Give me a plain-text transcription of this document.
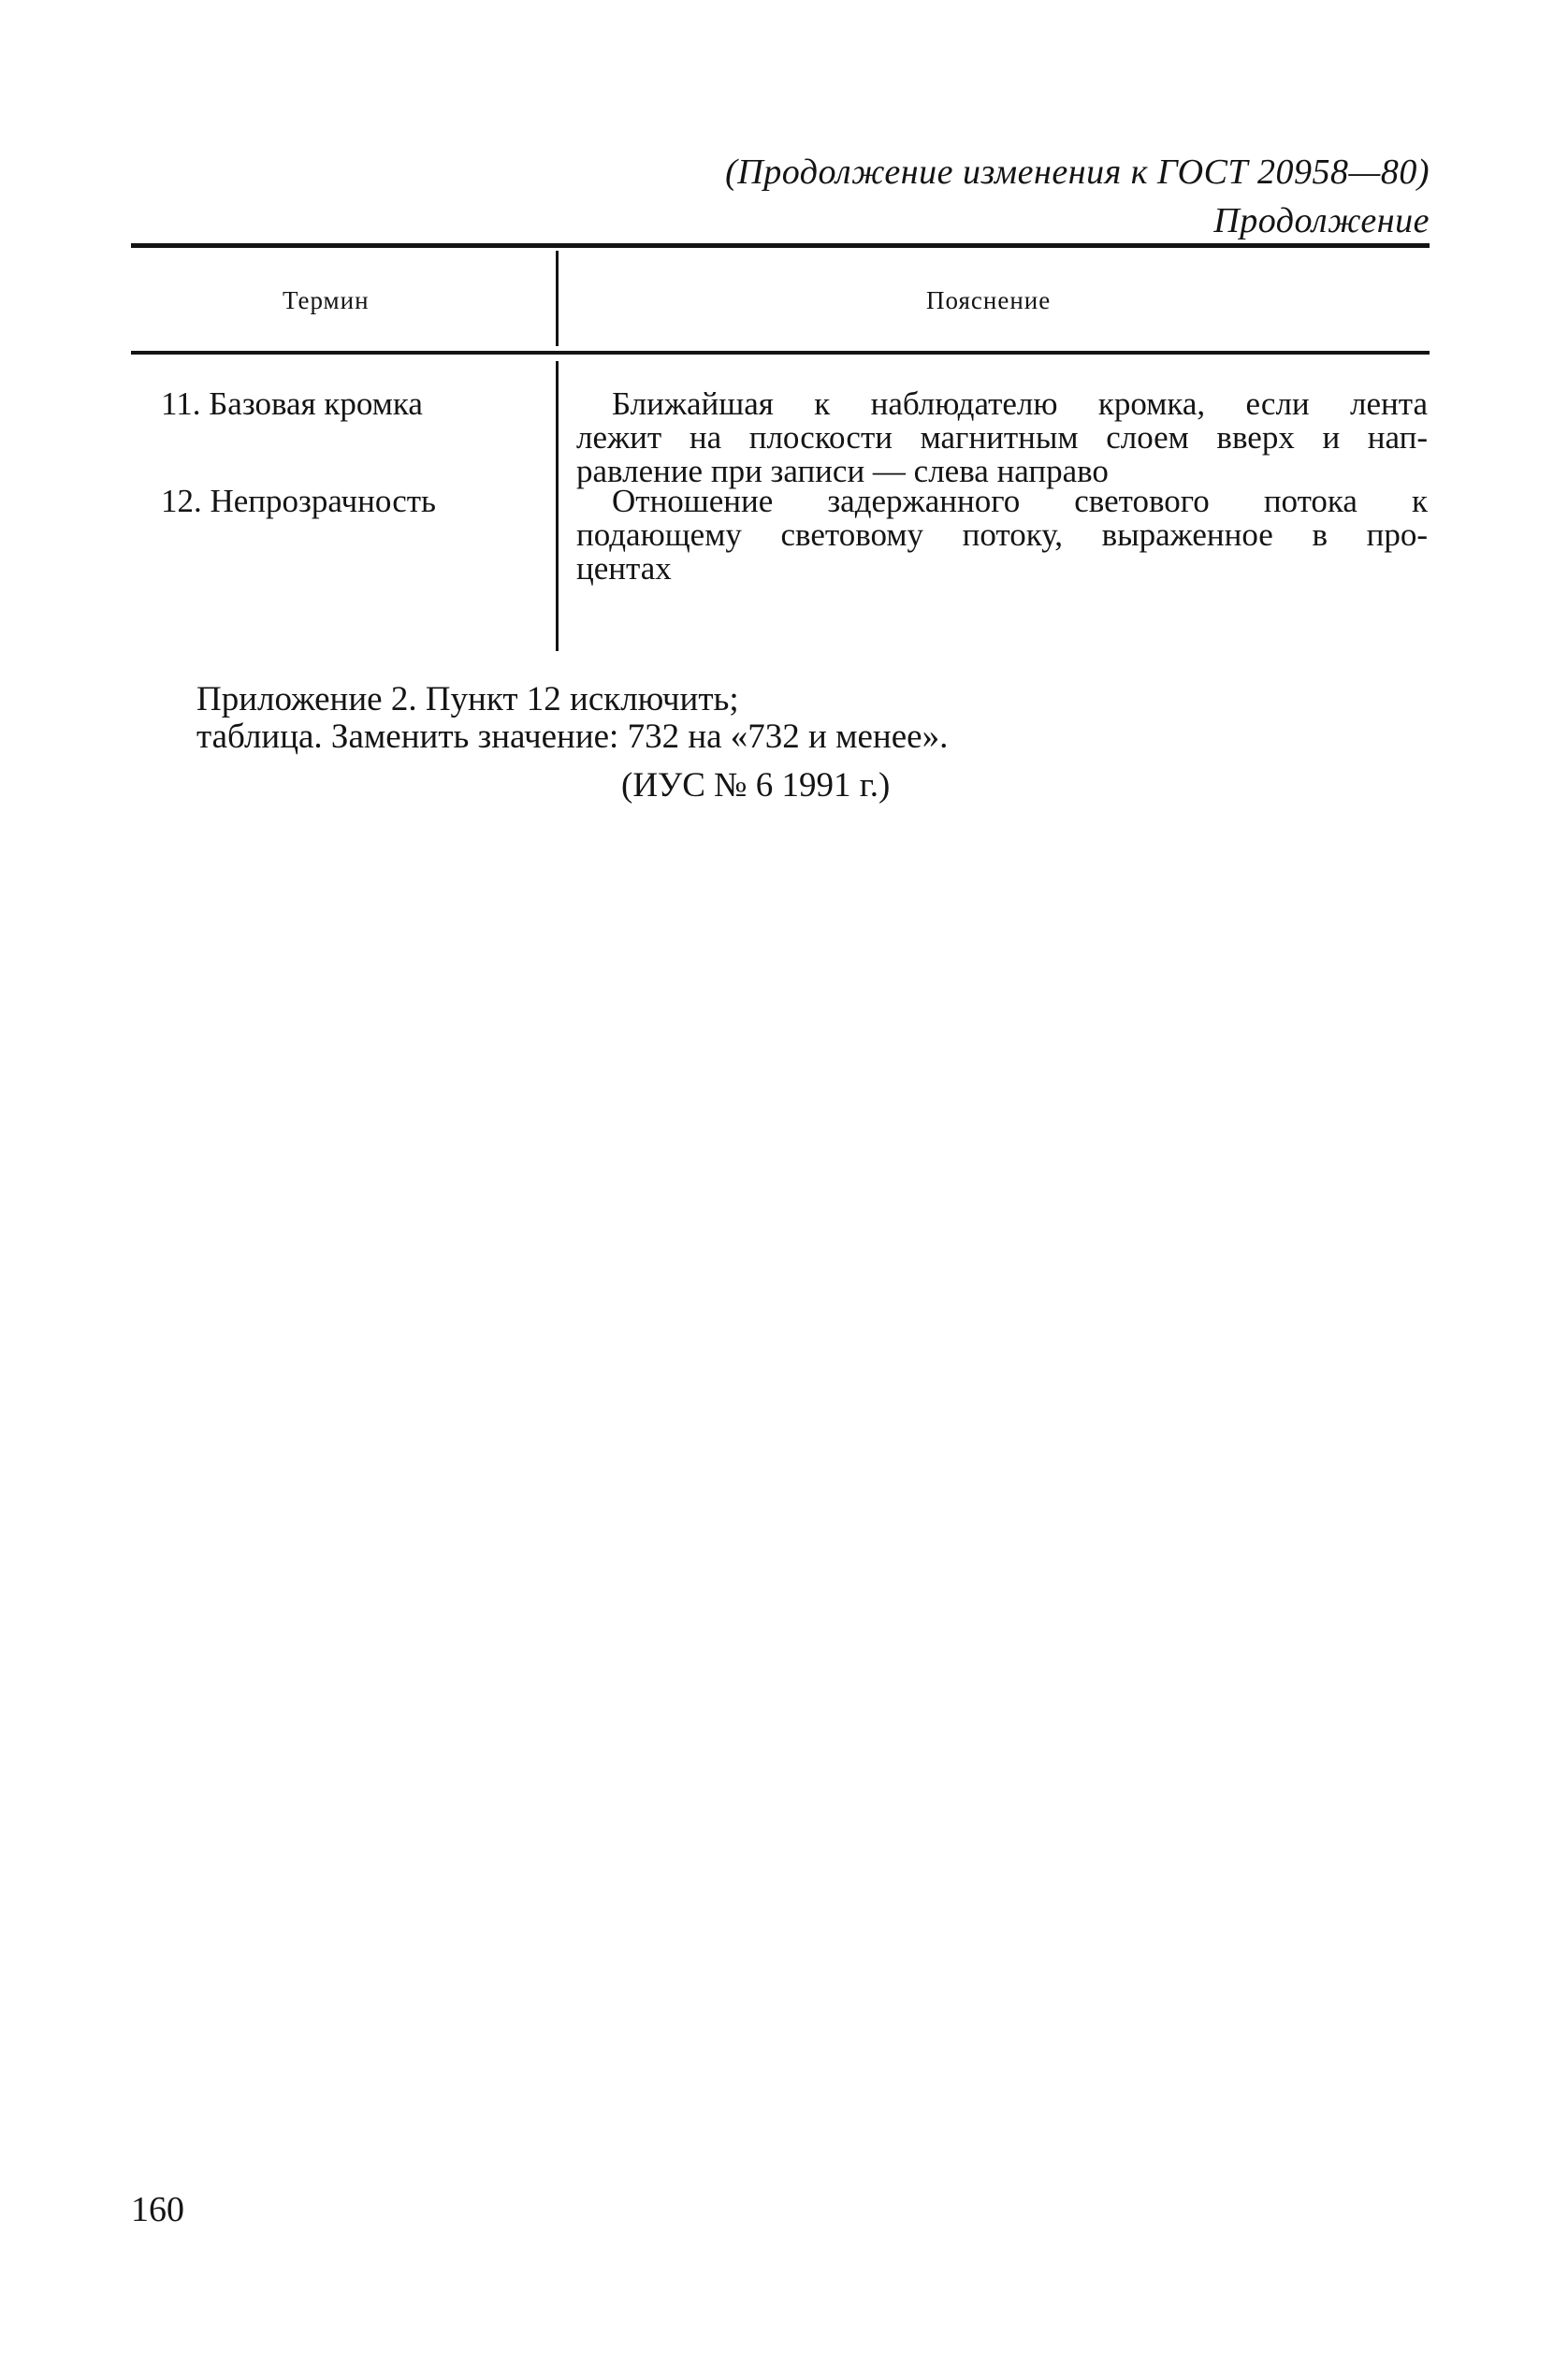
(Продолжение изменения к ГОСТ 20958—80)
Продолжение
Термин	Пояснение
11. Базовая кромка	Ближайшая к наблюдателю кромка, если лента
лежит на плоскости магнитным слоем вверх и нап-
равление при записи — слева направо
12. Непрозрачность	Отношение задержанного светового потока к
подающему световому потоку, выраженное в про-
центах
Приложение 2. Пункт 12 исключить;
таблица. Заменить значение: 732 на «732 и менее».
(ИУС № 6 1991 г.)
160
